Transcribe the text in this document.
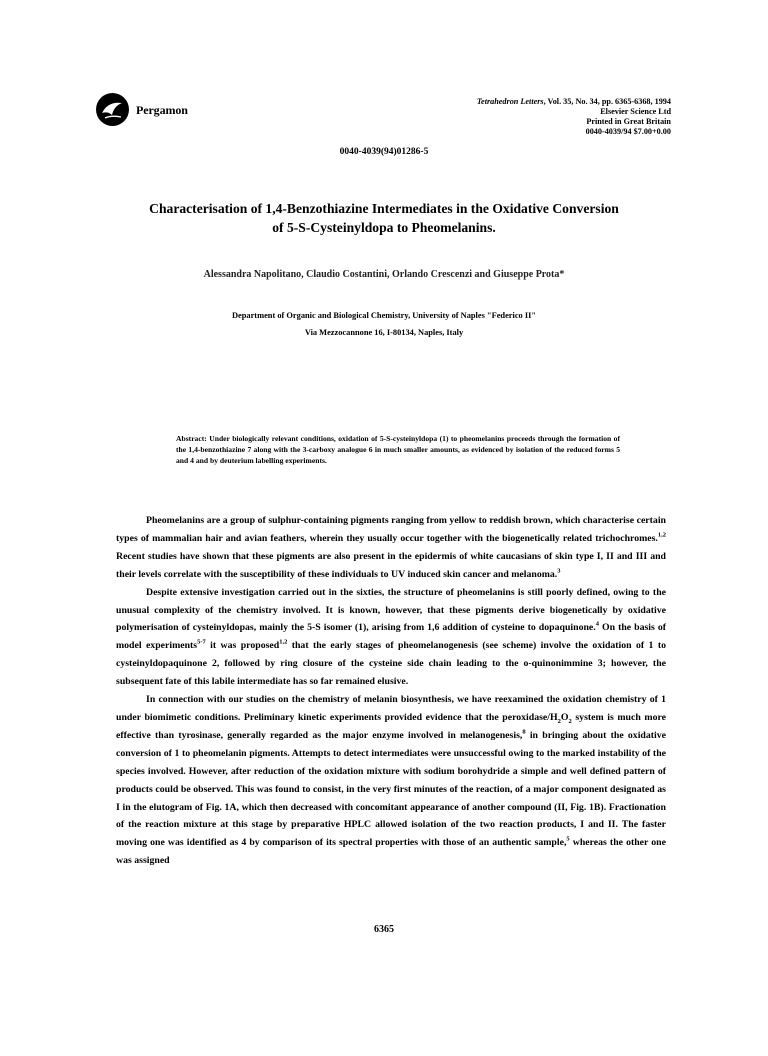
Pergamon
Tetrahedron Letters, Vol. 35, No. 34, pp. 6365-6368, 1994
Elsevier Science Ltd
Printed in Great Britain
0040-4039/94 $7.00+0.00
0040-4039(94)01286-5
Characterisation of 1,4-Benzothiazine Intermediates in the Oxidative Conversion
of 5-S-Cysteinyldopa to Pheomelanins.
Alessandra Napolitano, Claudio Costantini, Orlando Crescenzi and Giuseppe Prota*
Department of Organic and Biological Chemistry, University of Naples "Federico II"
Via Mezzocannone 16, I-80134, Naples, Italy
Abstract: Under biologically relevant conditions, oxidation of 5-S-cysteinyldopa (1) to pheomelanins proceeds through the formation of the 1,4-benzothiazine 7 along with the 3-carboxy analogue 6 in much smaller amounts, as evidenced by isolation of the reduced forms 5 and 4 and by deuterium labelling experiments.

Pheomelanins are a group of sulphur-containing pigments ranging from yellow to reddish brown, which characterise certain types of mammalian hair and avian feathers, wherein they usually occur together with the biogenetically related trichochromes.$^{1,2}$ Recent studies have shown that these pigments are also present in the epidermis of white caucasians of skin type I, II and III and their levels correlate with the susceptibility of these individuals to UV induced skin cancer and melanoma.$^3$

Despite extensive investigation carried out in the sixties, the structure of pheomelanins is still poorly defined, owing to the unusual complexity of the chemistry involved. It is known, however, that these pigments derive biogenetically by oxidative polymerisation of cysteinyldopas, mainly the 5-S isomer (1), arising from 1,6 addition of cysteine to dopaquinone.$^4$ On the basis of model experiments$^{5-7}$ it was proposed$^{1,2}$ that the early stages of pheomelanogenesis (see scheme) involve the oxidation of 1 to cysteinyldopaquinone 2, followed by ring closure of the cysteine side chain leading to the o-quinonimmine 3; however, the subsequent fate of this labile intermediate has so far remained elusive.

In connection with our studies on the chemistry of melanin biosynthesis, we have reexamined the oxidation chemistry of 1 under biomimetic conditions. Preliminary kinetic experiments provided evidence that the peroxidase/$H_2O_2$ system is much more effective than tyrosinase, generally regarded as the major enzyme involved in melanogenesis,$^8$ in bringing about the oxidative conversion of 1 to pheomelanin pigments. Attempts to detect intermediates were unsuccessful owing to the marked instability of the species involved. However, after reduction of the oxidation mixture with sodium borohydride a simple and well defined pattern of products could be observed. This was found to consist, in the very first minutes of the reaction, of a major component designated as I in the elutogram of Fig. 1A, which then decreased with concomitant appearance of another compound (II, Fig. 1B). Fractionation of the reaction mixture at this stage by preparative HPLC allowed isolation of the two reaction products, I and II. The faster moving one was identified as 4 by comparison of its spectral properties with those of an authentic sample,$^5$ whereas the other one was assigned

6365
